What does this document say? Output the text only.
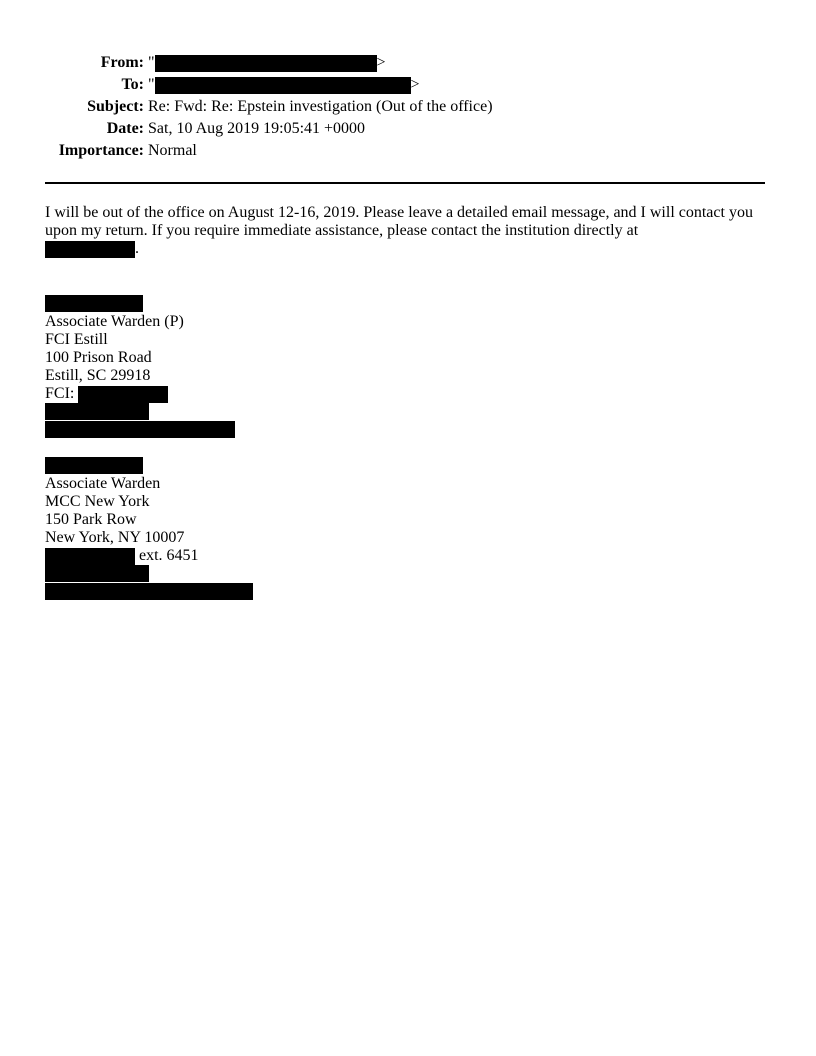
From: "	>
To: "	>
Subject: Re: Fwd: Re: Epstein investigation (Out of the office)
Date: Sat, 10 Aug 2019 19:05:41 +0000
Importance: Normal
I will be out of the office on August 12-16, 2019. Please leave a detailed email message, and I will contact you
upon my return. If you require immediate assistance, please contact the institution directly at
.
Associate Warden (P)
FCI Estill
100 Prison Road
Estill, SC 29918
FCI:
Associate Warden
MCC New York
150 Park Row
New York, NY 10007
ext. 6451
